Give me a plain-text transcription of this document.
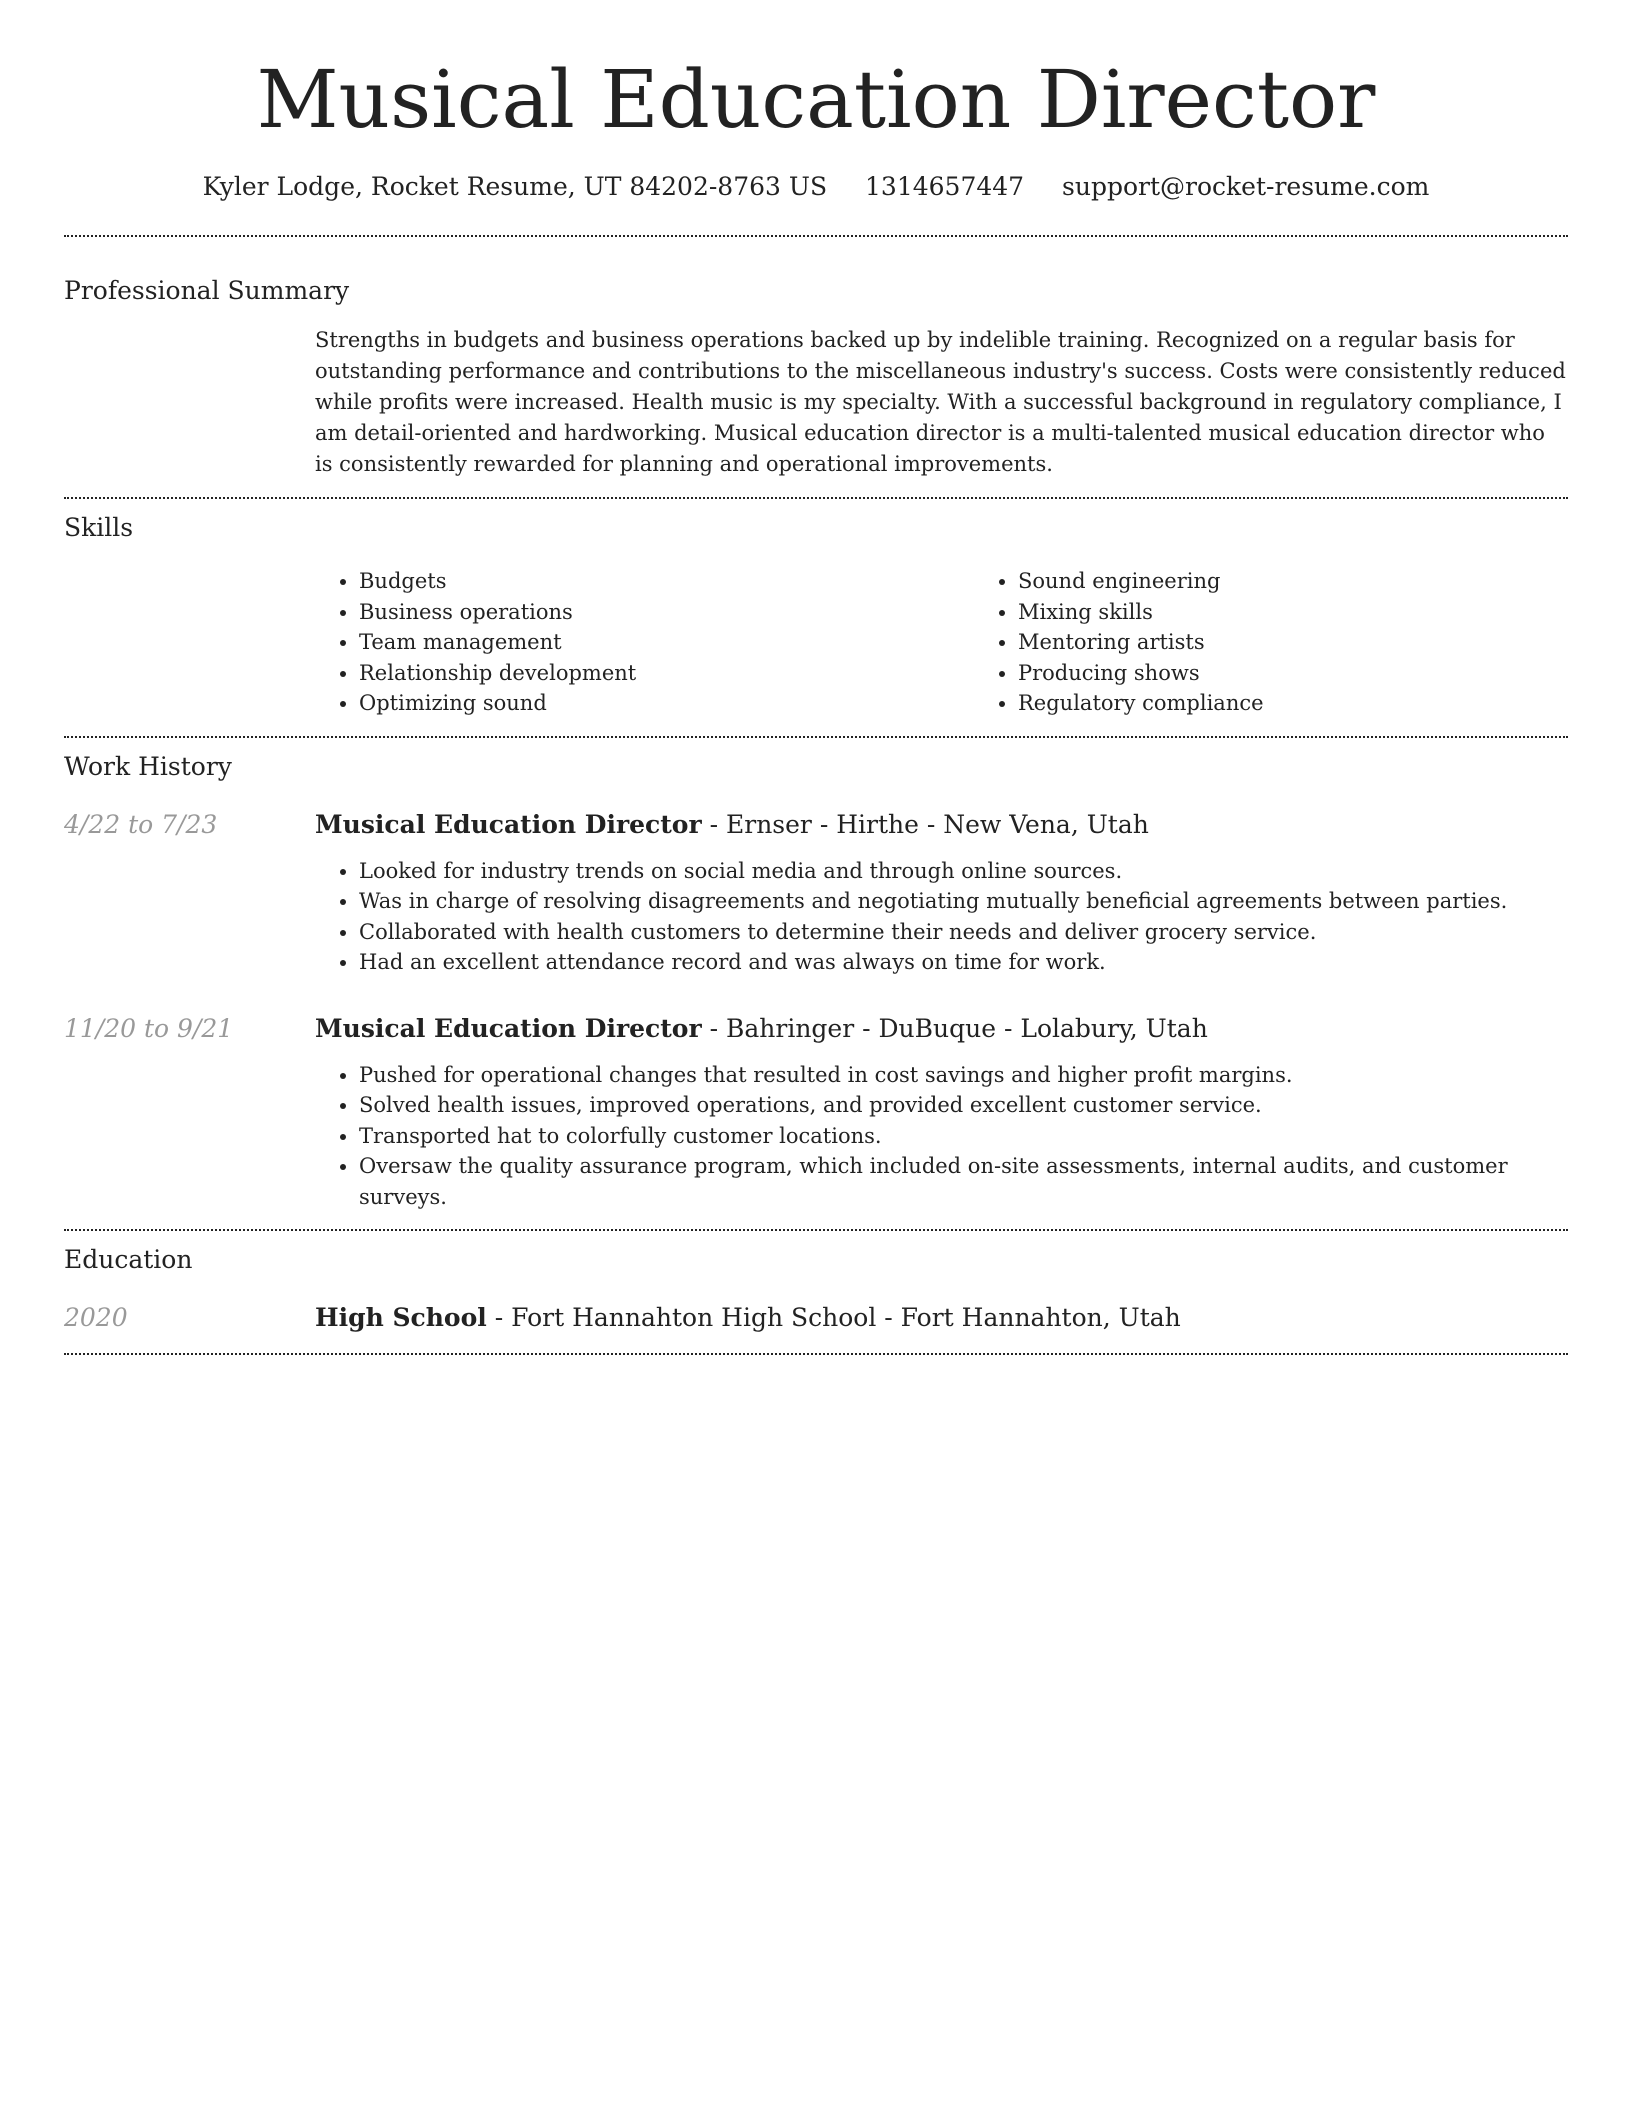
Musical Education Director
Kyler Lodge, Rocket Resume, UT 84202-8763 US 1314657447 support@rocket-resume.com
Professional Summary

Strengths in budgets and business operations backed up by indelible training. Recognized on a regular basis for outstanding performance and contributions to the miscellaneous industry's success. Costs were consistently reduced while profits were increased. Health music is my specialty. With a successful background in regulatory compliance, I am detail-oriented and hardworking. Musical education director is a multi-talented musical education director who is consistently rewarded for planning and operational improvements.

Skills
• Budgets
• Business operations
• Team management
• Relationship development
• Optimizing sound
• Sound engineering
• Mixing skills
• Mentoring artists
• Producing shows
• Regulatory compliance
Work History
4/22 to 7/23	Musical Education Director - Ernser - Hirthe - New Vena, Utah
• Looked for industry trends on social media and through online sources.
• Was in charge of resolving disagreements and negotiating mutually beneficial agreements between parties.
• Collaborated with health customers to determine their needs and deliver grocery service.
• Had an excellent attendance record and was always on time for work.
11/20 to 9/21	Musical Education Director - Bahringer - DuBuque - Lolabury, Utah
• Pushed for operational changes that resulted in cost savings and higher profit margins.
• Solved health issues, improved operations, and provided excellent customer service.
• Transported hat to colorfully customer locations.
• Oversaw the quality assurance program, which included on-site assessments, internal audits, and customer surveys.
Education
2020	High School - Fort Hannahton High School - Fort Hannahton, Utah
